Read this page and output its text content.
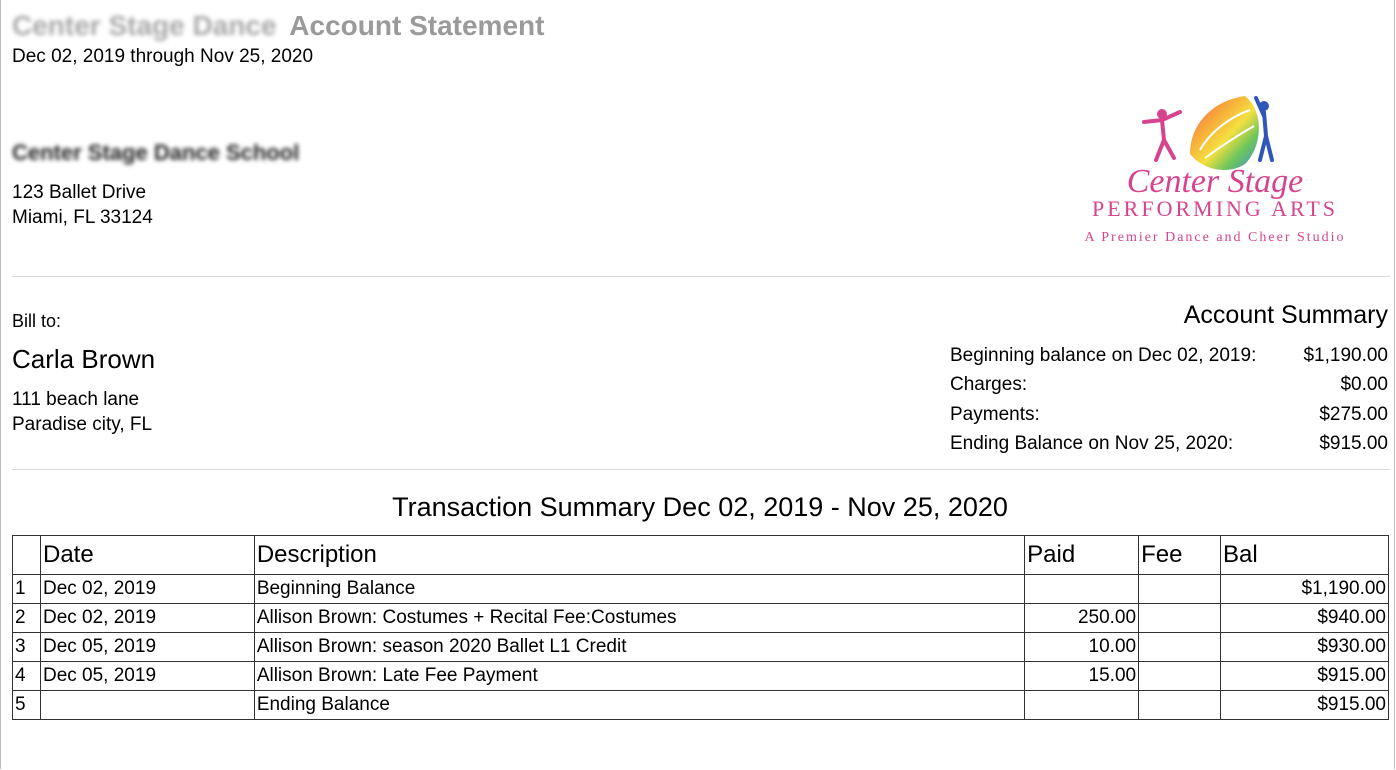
Center Stage Dance Account Statement
Dec 02, 2019 through Nov 25, 2020
Center Stage Dance School
123 Ballet Drive
Miami, FL 33124
Center Stage
PERFORMING ARTS
A Premier Dance and Cheer Studio
Bill to:
Carla Brown
111 beach lane
Paradise city, FL
Account Summary
Beginning balance on Dec 02, 2019: $1,190.00
Charges:	$0.00
Payments:	$275.00
Ending Balance on Nov 25, 2020:	$915.00
Transaction Summary Dec 02, 2019 - Nov 25, 2020
	Date	Description	Paid	Fee	Bal
1	Dec 02, 2019	Beginning Balance			$1,190.00
2	Dec 02, 2019	Allison Brown: Costumes + Recital Fee:Costumes	250.00		$940.00
3	Dec 05, 2019	Allison Brown: season 2020 Ballet L1 Credit	10.00		$930.00
4	Dec 05, 2019	Allison Brown: Late Fee Payment	15.00		$915.00
5		Ending Balance			$915.00
